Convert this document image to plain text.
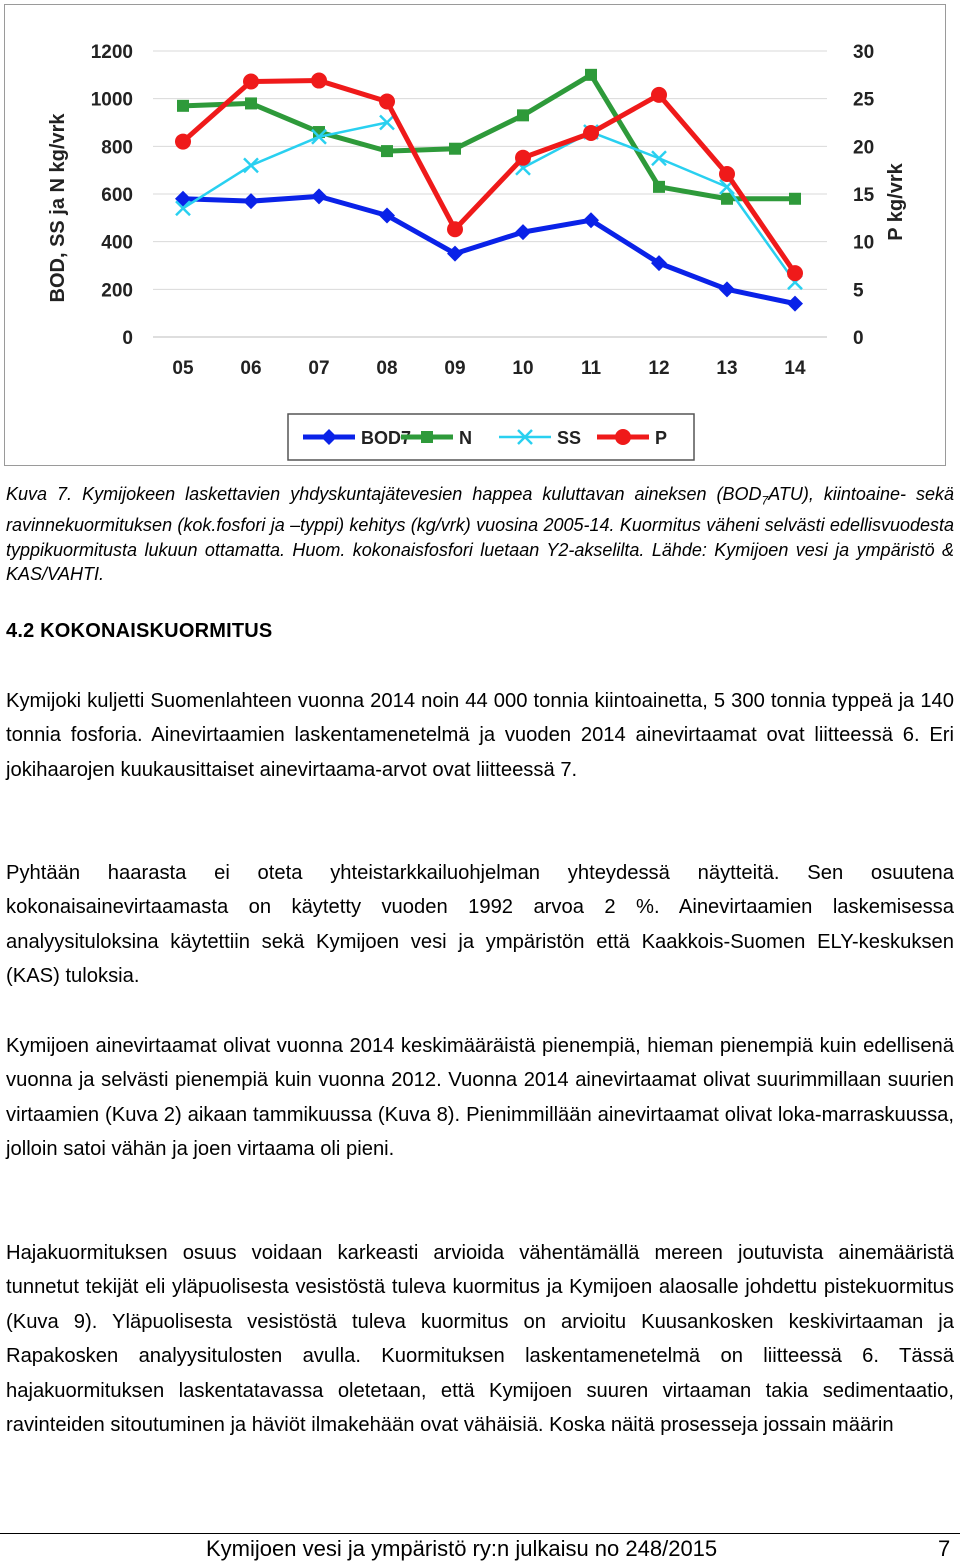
1200
1000
800
600
400
200
0
30
25
20
15
10
5
0
05 06 07 08 09 10 11 12 13 14
BOD, SS ja N kg/vrk	P kg/vrk
BOD7	N	SS	P

Kuva 7. Kymijokeen laskettavien yhdyskuntajätevesien happea kuluttavan aineksen $(BOD_7ATU)$, kiintoaine- sekä ravinnekuormituksen (kok.fosfori ja –typpi) kehitys (kg/vrk) vuosina 2005-14. Kuormitus väheni selvästi edellisvuodesta typpikuormitusta lukuun ottamatta. Huom. kokonaisfosfori luetaan Y2-akselilta. Lähde: Kymijoen vesi ja ympäristö & KAS/VAHTI.

4.2 KOKONAISKUORMITUS

Kymijoki kuljetti Suomenlahteen vuonna 2014 noin 44 000 tonnia kiintoainetta, 5 300 tonnia typpeä ja 140 tonnia fosforia. Ainevirtaamien laskentamenetelmä ja vuoden 2014 ainevirtaamat ovat liitteessä 6. Eri jokihaarojen kuukausittaiset ainevirtaama-arvot ovat liitteessä 7.

Pyhtään haarasta ei oteta yhteistarkkailuohjelman yhteydessä näytteitä. Sen osuutena kokonaisainevirtaamasta on käytetty vuoden 1992 arvoa 2 %. Ainevirtaamien laskemisessa analyysituloksina käytettiin sekä Kymijoen vesi ja ympäristön että Kaakkois-Suomen ELY-keskuksen (KAS) tuloksia.

Kymijoen ainevirtaamat olivat vuonna 2014 keskimääräistä pienempiä, hieman pienempiä kuin edellisenä vuonna ja selvästi pienempiä kuin vuonna 2012. Vuonna 2014 ainevirtaamat olivat suurimmillaan suurien virtaamien (Kuva 2) aikaan tammikuussa (Kuva 8). Pienimmillään ainevirtaamat olivat loka-marraskuussa, jolloin satoi vähän ja joen virtaama oli pieni.

Hajakuormituksen osuus voidaan karkeasti arvioida vähentämällä mereen joutuvista ainemääristä tunnetut tekijät eli yläpuolisesta vesistöstä tuleva kuormitus ja Kymijoen alaosalle johdettu pistekuormitus (Kuva 9). Yläpuolisesta vesistöstä tuleva kuormitus on arvioitu Kuusankosken keskivirtaaman ja Rapakosken analyysitulosten avulla. Kuormituksen laskentamenetelmä on liitteessä 6. Tässä hajakuormituksen laskentatavassa oletetaan, että Kymijoen suuren virtaaman takia sedimentaatio, ravinteiden sitoutuminen ja häviöt ilmakehään ovat vähäisiä. Koska näitä prosesseja jossain määrin

Kymijoen vesi ja ympäristö ry:n julkaisu no 248/2015	7
